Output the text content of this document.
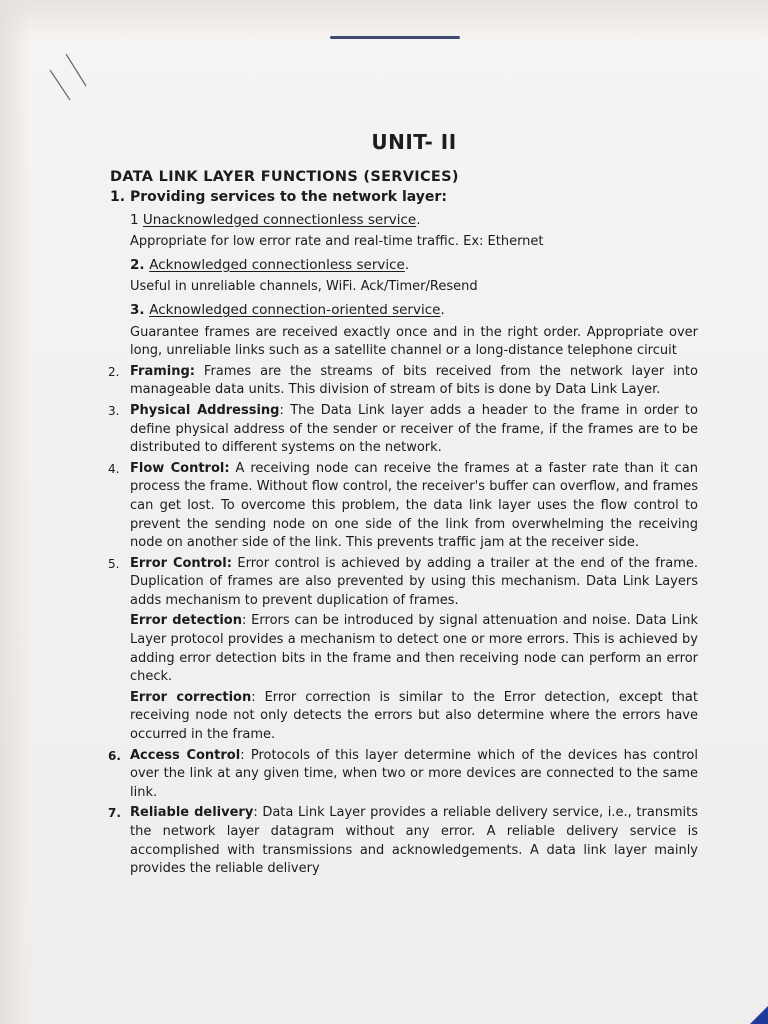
UNIT- II
DATA LINK LAYER FUNCTIONS (SERVICES)
1. Providing services to the network layer:
1 Unacknowledged connectionless service.
Appropriate for low error rate and real-time traffic. Ex: Ethernet
2. Acknowledged connectionless service.
Useful in unreliable channels, WiFi. Ack/Timer/Resend
3. Acknowledged connection-oriented service.
Guarantee frames are received exactly once and in the right order. Appropriate over long, unreliable links such as a satellite channel or a long-distance telephone circuit
2. Framing: Frames are the streams of bits received from the network layer into manageable data units. This division of stream of bits is done by Data Link Layer.
3. Physical Addressing: The Data Link layer adds a header to the frame in order to define physical address of the sender or receiver of the frame, if the frames are to be distributed to different systems on the network.
4. Flow Control: A receiving node can receive the frames at a faster rate than it can process the frame. Without flow control, the receiver's buffer can overflow, and frames can get lost. To overcome this problem, the data link layer uses the flow control to prevent the sending node on one side of the link from overwhelming the receiving node on another side of the link. This prevents traffic jam at the receiver side.
5. Error Control: Error control is achieved by adding a trailer at the end of the frame. Duplication of frames are also prevented by using this mechanism. Data Link Layers adds mechanism to prevent duplication of frames.
Error detection: Errors can be introduced by signal attenuation and noise. Data Link Layer protocol provides a mechanism to detect one or more errors. This is achieved by adding error detection bits in the frame and then receiving node can perform an error check.
Error correction: Error correction is similar to the Error detection, except that receiving node not only detects the errors but also determine where the errors have occurred in the frame.
6. Access Control: Protocols of this layer determine which of the devices has control over the link at any given time, when two or more devices are connected to the same link.
7. Reliable delivery: Data Link Layer provides a reliable delivery service, i.e., transmits the network layer datagram without any error. A reliable delivery service is accomplished with transmissions and acknowledgements. A data link layer mainly provides the reliable delivery
